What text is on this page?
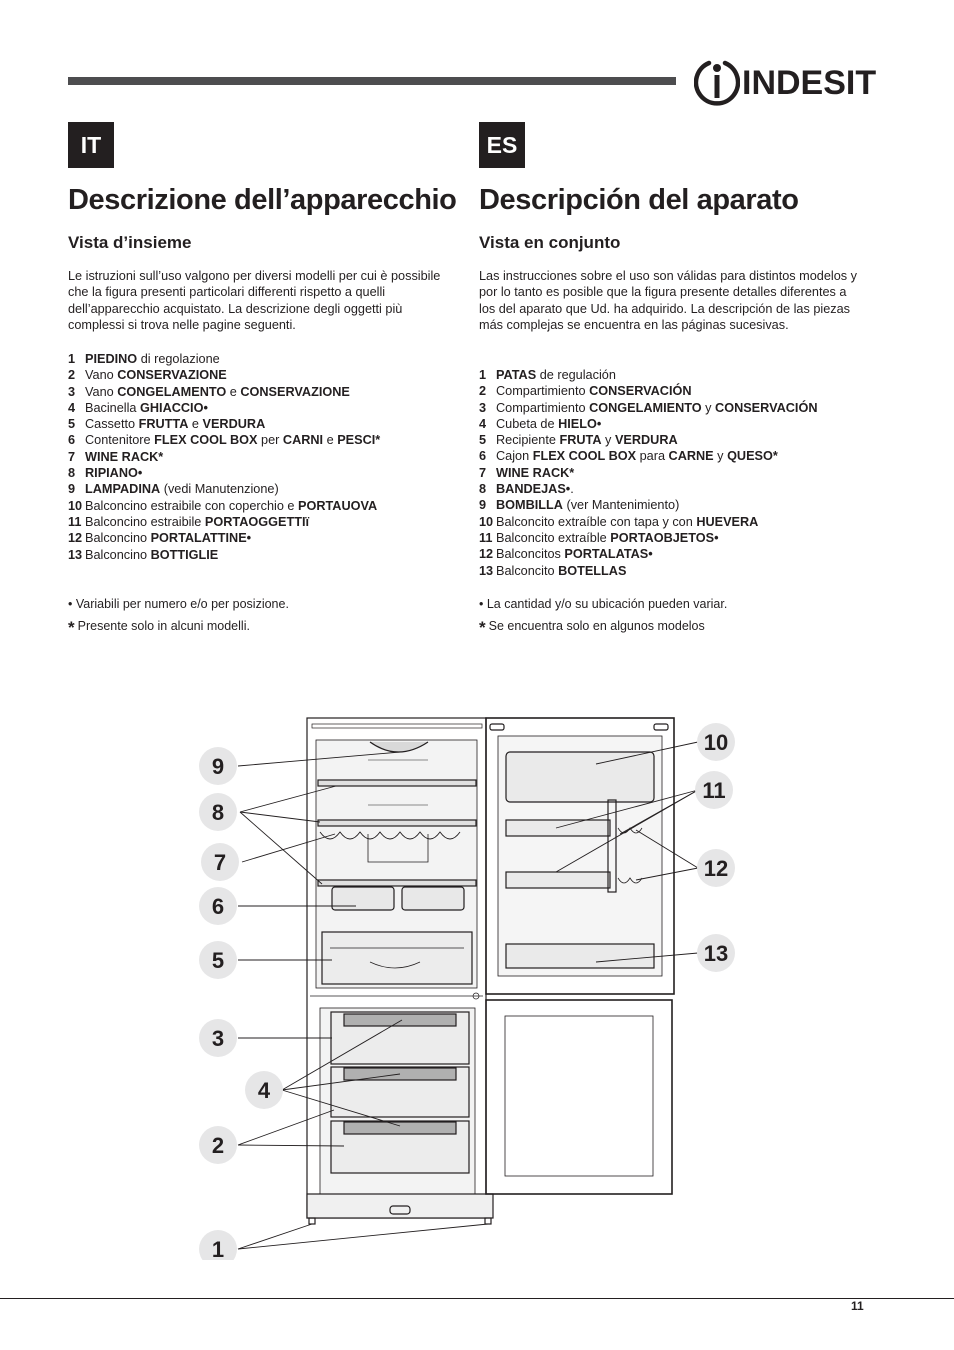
INDESIT
IT
Descrizione dell’apparecchio
Vista d’insieme

Le istruzioni sull’uso valgono per diversi modelli per cui è possibile che la figura presenti particolari differenti rispetto a quelli dell’apparecchio acquistato. La descrizione degli oggetti più complessi si trova nelle pagine seguenti.

1 PIEDINO di regolazione
2 Vano CONSERVAZIONE
3 Vano CONGELAMENTO e CONSERVAZIONE
4 Bacinella GHIACCIO•
5 Cassetto FRUTTA e VERDURA
6 Contenitore FLEX COOL BOX per CARNI e PESCI*
7 WINE RACK*
8 RIPIANO•
9 LAMPADINA (vedi Manutenzione)
10 Balconcino estraibile con coperchio e PORTAUOVA
11 Balconcino estraibile PORTAOGGETTIï
12 Balconcino PORTALATTINE•
13 Balconcino BOTTIGLIE
• Variabili per numero e/o per posizione.
* Presente solo in alcuni modelli.
ES
Descripción del aparato
Vista en conjunto

Las instrucciones sobre el uso son válidas para distintos modelos y por lo tanto es posible que la figura presente detalles diferentes a los del aparato que Ud. ha adquirido. La descripción de las piezas más complejas se encuentra en las páginas sucesivas.

1 PATAS de regulación
2 Compartimiento CONSERVACIÓN
3 Compartimiento CONGELAMIENTO y CONSERVACIÓN
4 Cubeta de HIELO•
5 Recipiente FRUTA y VERDURA
6 Cajon FLEX COOL BOX para CARNE y QUESO*
7 WINE RACK*
8 BANDEJAS•.
9 BOMBILLA (ver Mantenimiento)
10 Balconcito extraíble con tapa y con HUEVERA
11 Balconcito extraíble PORTAOBJETOS•
12 Balconcitos PORTALATAS•
13 Balconcito BOTELLAS
• La cantidad y/o su ubicación pueden variar.
* Se encuentra solo en algunos modelos
9
8
7
6
5
3
4
2
1
10
11
12
13
11
